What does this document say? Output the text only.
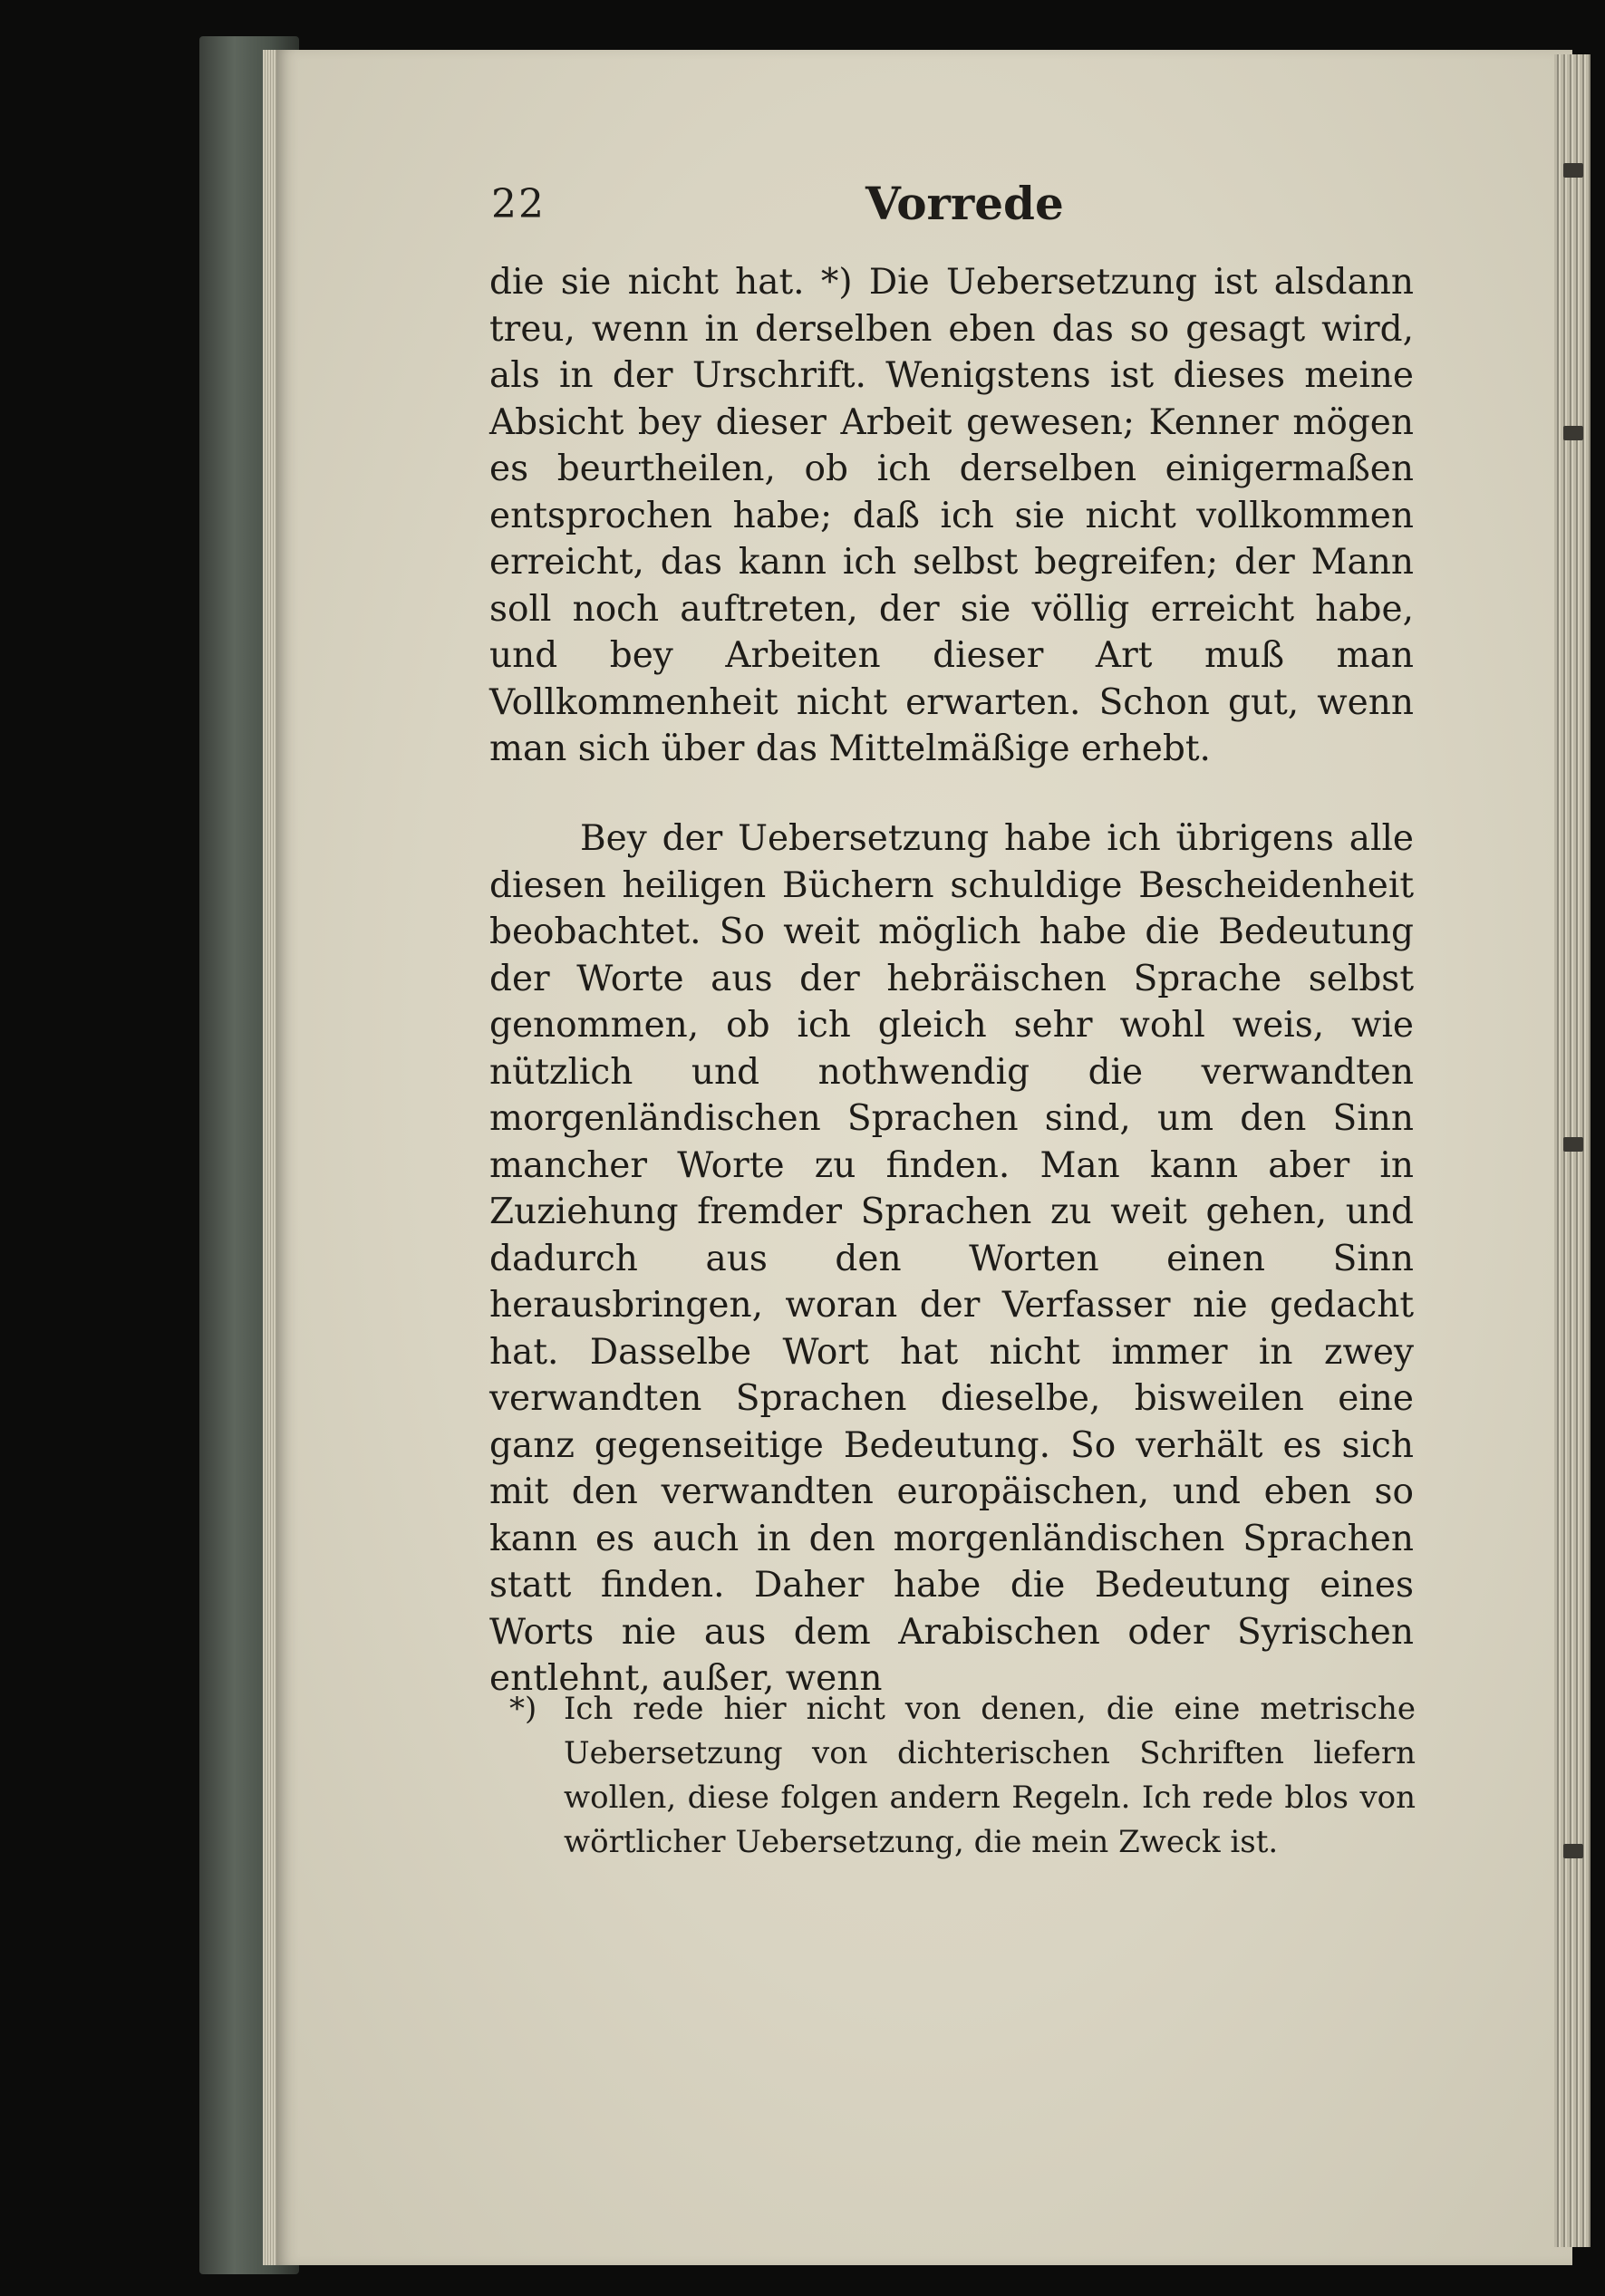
22	Vorrede

die sie nicht hat. *) Die Uebersetzung ist alsdann treu, wenn in derselben eben das so gesagt wird, als in der Urschrift. Wenigstens ist dieses meine Absicht bey dieser Arbeit gewesen; Kenner mögen es beurtheilen, ob ich derselben einigermaßen entsprochen habe; daß ich sie nicht vollkommen erreicht, das kann ich selbst begreifen; der Mann soll noch auftreten, der sie völlig erreicht habe, und bey Arbeiten dieser Art muß man Vollkommenheit nicht erwarten. Schon gut, wenn man sich über das Mittelmäßige erhebt.

Bey der Uebersetzung habe ich übrigens alle diesen heiligen Büchern schuldige Bescheidenheit beobachtet. So weit möglich habe die Bedeutung der Worte aus der hebräischen Sprache selbst genommen, ob ich gleich sehr wohl weis, wie nützlich und nothwendig die verwandten morgenländischen Sprachen sind, um den Sinn mancher Worte zu finden. Man kann aber in Zuziehung fremder Sprachen zu weit gehen, und dadurch aus den Worten einen Sinn herausbringen, woran der Verfasser nie gedacht hat. Dasselbe Wort hat nicht immer in zwey verwandten Sprachen dieselbe, bisweilen eine ganz gegenseitige Bedeutung. So verhält es sich mit den verwandten europäischen, und eben so kann es auch in den morgenländischen Sprachen statt finden. Daher habe die Bedeutung eines Worts nie aus dem Arabischen oder Syrischen entlehnt, außer, wenn

*) Ich rede hier nicht von denen, die eine metrische Uebersetzung von dichterischen Schriften liefern wollen, diese folgen andern Regeln. Ich rede blos von wörtlicher Uebersetzung, die mein Zweck ist.
